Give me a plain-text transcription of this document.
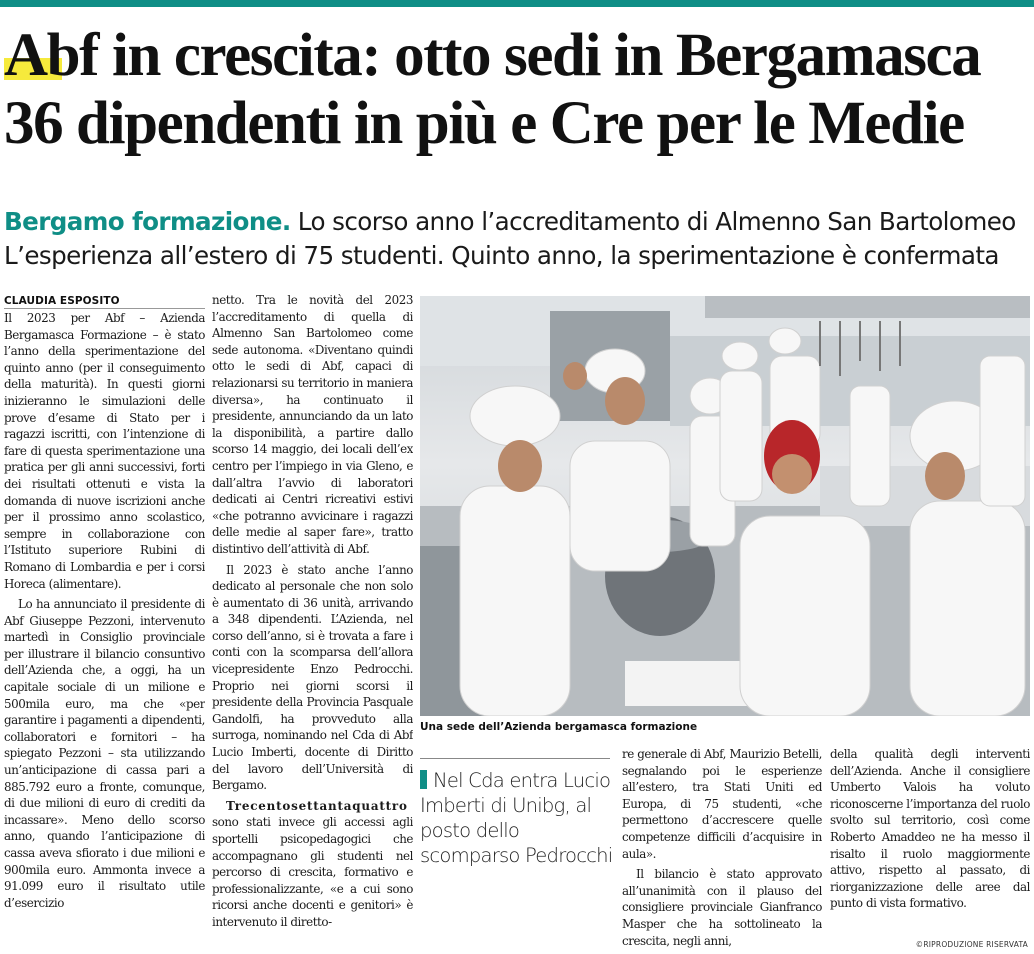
Abf in crescita: otto sedi in Bergamasca
36 dipendenti in più e Cre per le Medie
Bergamo formazione. Lo scorso anno l’accreditamento di Almenno San Bartolomeo
L’esperienza all’estero di 75 studenti. Quinto anno, la sperimentazione è confermata

CLAUDIA ESPOSITO

Il 2023 per Abf – Azienda Bergamasca Formazione – è stato l’anno della sperimentazione del quinto anno (per il conseguimento della maturità). In questi giorni inizieranno le simulazioni delle prove d’esame di Stato per i ragazzi iscritti, con l’intenzione di fare di questa sperimentazione una pratica per gli anni successivi, forti dei risultati ottenuti e vista la domanda di nuove iscrizioni anche per il prossimo anno scolastico, sempre in collaborazione con l’Istituto superiore Rubini di Romano di Lombardia e per i corsi Horeca (alimentare).

Lo ha annunciato il presidente di Abf Giuseppe Pezzoni, intervenuto martedì in Consiglio provinciale per illustrare il bilancio consuntivo dell’Azienda che, a oggi, ha un capitale sociale di un milione e 500mila euro, ma che «per garantire i pagamenti a dipendenti, collaboratori e fornitori – ha spiegato Pezzoni – sta utilizzando un’anticipazione di cassa pari a 885.792 euro a fronte, comunque, di due milioni di euro di crediti da incassare». Meno dello scorso anno, quando l’anticipazione di cassa aveva sfiorato i due milioni e 900mila euro. Ammonta invece a 91.099 euro il risultato utile d’esercizio

netto. Tra le novità del 2023 l’accreditamento di quella di Almenno San Bartolomeo come sede autonoma. «Diventano quindi otto le sedi di Abf, capaci di relazionarsi su territorio in maniera diversa», ha continuato il presidente, annunciando da un lato la disponibilità, a partire dallo scorso 14 maggio, dei locali dell’ex centro per l’impiego in via Gleno, e dall’altra l’avvio di laboratori dedicati ai Centri ricreativi estivi «che potranno avvicinare i ragazzi delle medie al saper fare», tratto distintivo dell’attività di Abf.

Il 2023 è stato anche l’anno dedicato al personale che non solo è aumentato di 36 unità, arrivando a 348 dipendenti. L’Azienda, nel corso dell’anno, si è trovata a fare i conti con la scomparsa dell’allora vicepresidente Enzo Pedrocchi. Proprio nei giorni scorsi il presidente della Provincia Pasquale Gandolfi, ha provveduto alla surroga, nominando nel Cda di Abf Lucio Imberti, docente di Diritto del lavoro dell’Università di Bergamo.

Trecentosettantaquattro sono stati invece gli accessi agli sportelli psicopedagogici che accompagnano gli studenti nel percorso di crescita, formativo e professionalizzante, «e a cui sono ricorsi anche docenti e genitori» è intervenuto il diretto-

Una sede dell’Azienda bergamasca formazione

Nel Cda entra Lucio Imberti di Unibg, al posto dello scomparso Pedrocchi

re generale di Abf, Maurizio Betelli, segnalando poi le esperienze all’estero, tra Stati Uniti ed Europa, di 75 studenti, «che permettono d’accrescere quelle competenze difficili d’acquisire in aula».

Il bilancio è stato approvato all’unanimità con il plauso del consigliere provinciale Gianfranco Masper che ha sottolineato la crescita, negli anni,

della qualità degli interventi dell’Azienda. Anche il consigliere Umberto Valois ha voluto riconoscerne l’importanza del ruolo svolto sul territorio, così come Roberto Amaddeo ne ha messo il risalto il ruolo maggiormente attivo, rispetto al passato, di riorganizzazione delle aree dal punto di vista formativo.

©RIPRODUZIONE RISERVATA
